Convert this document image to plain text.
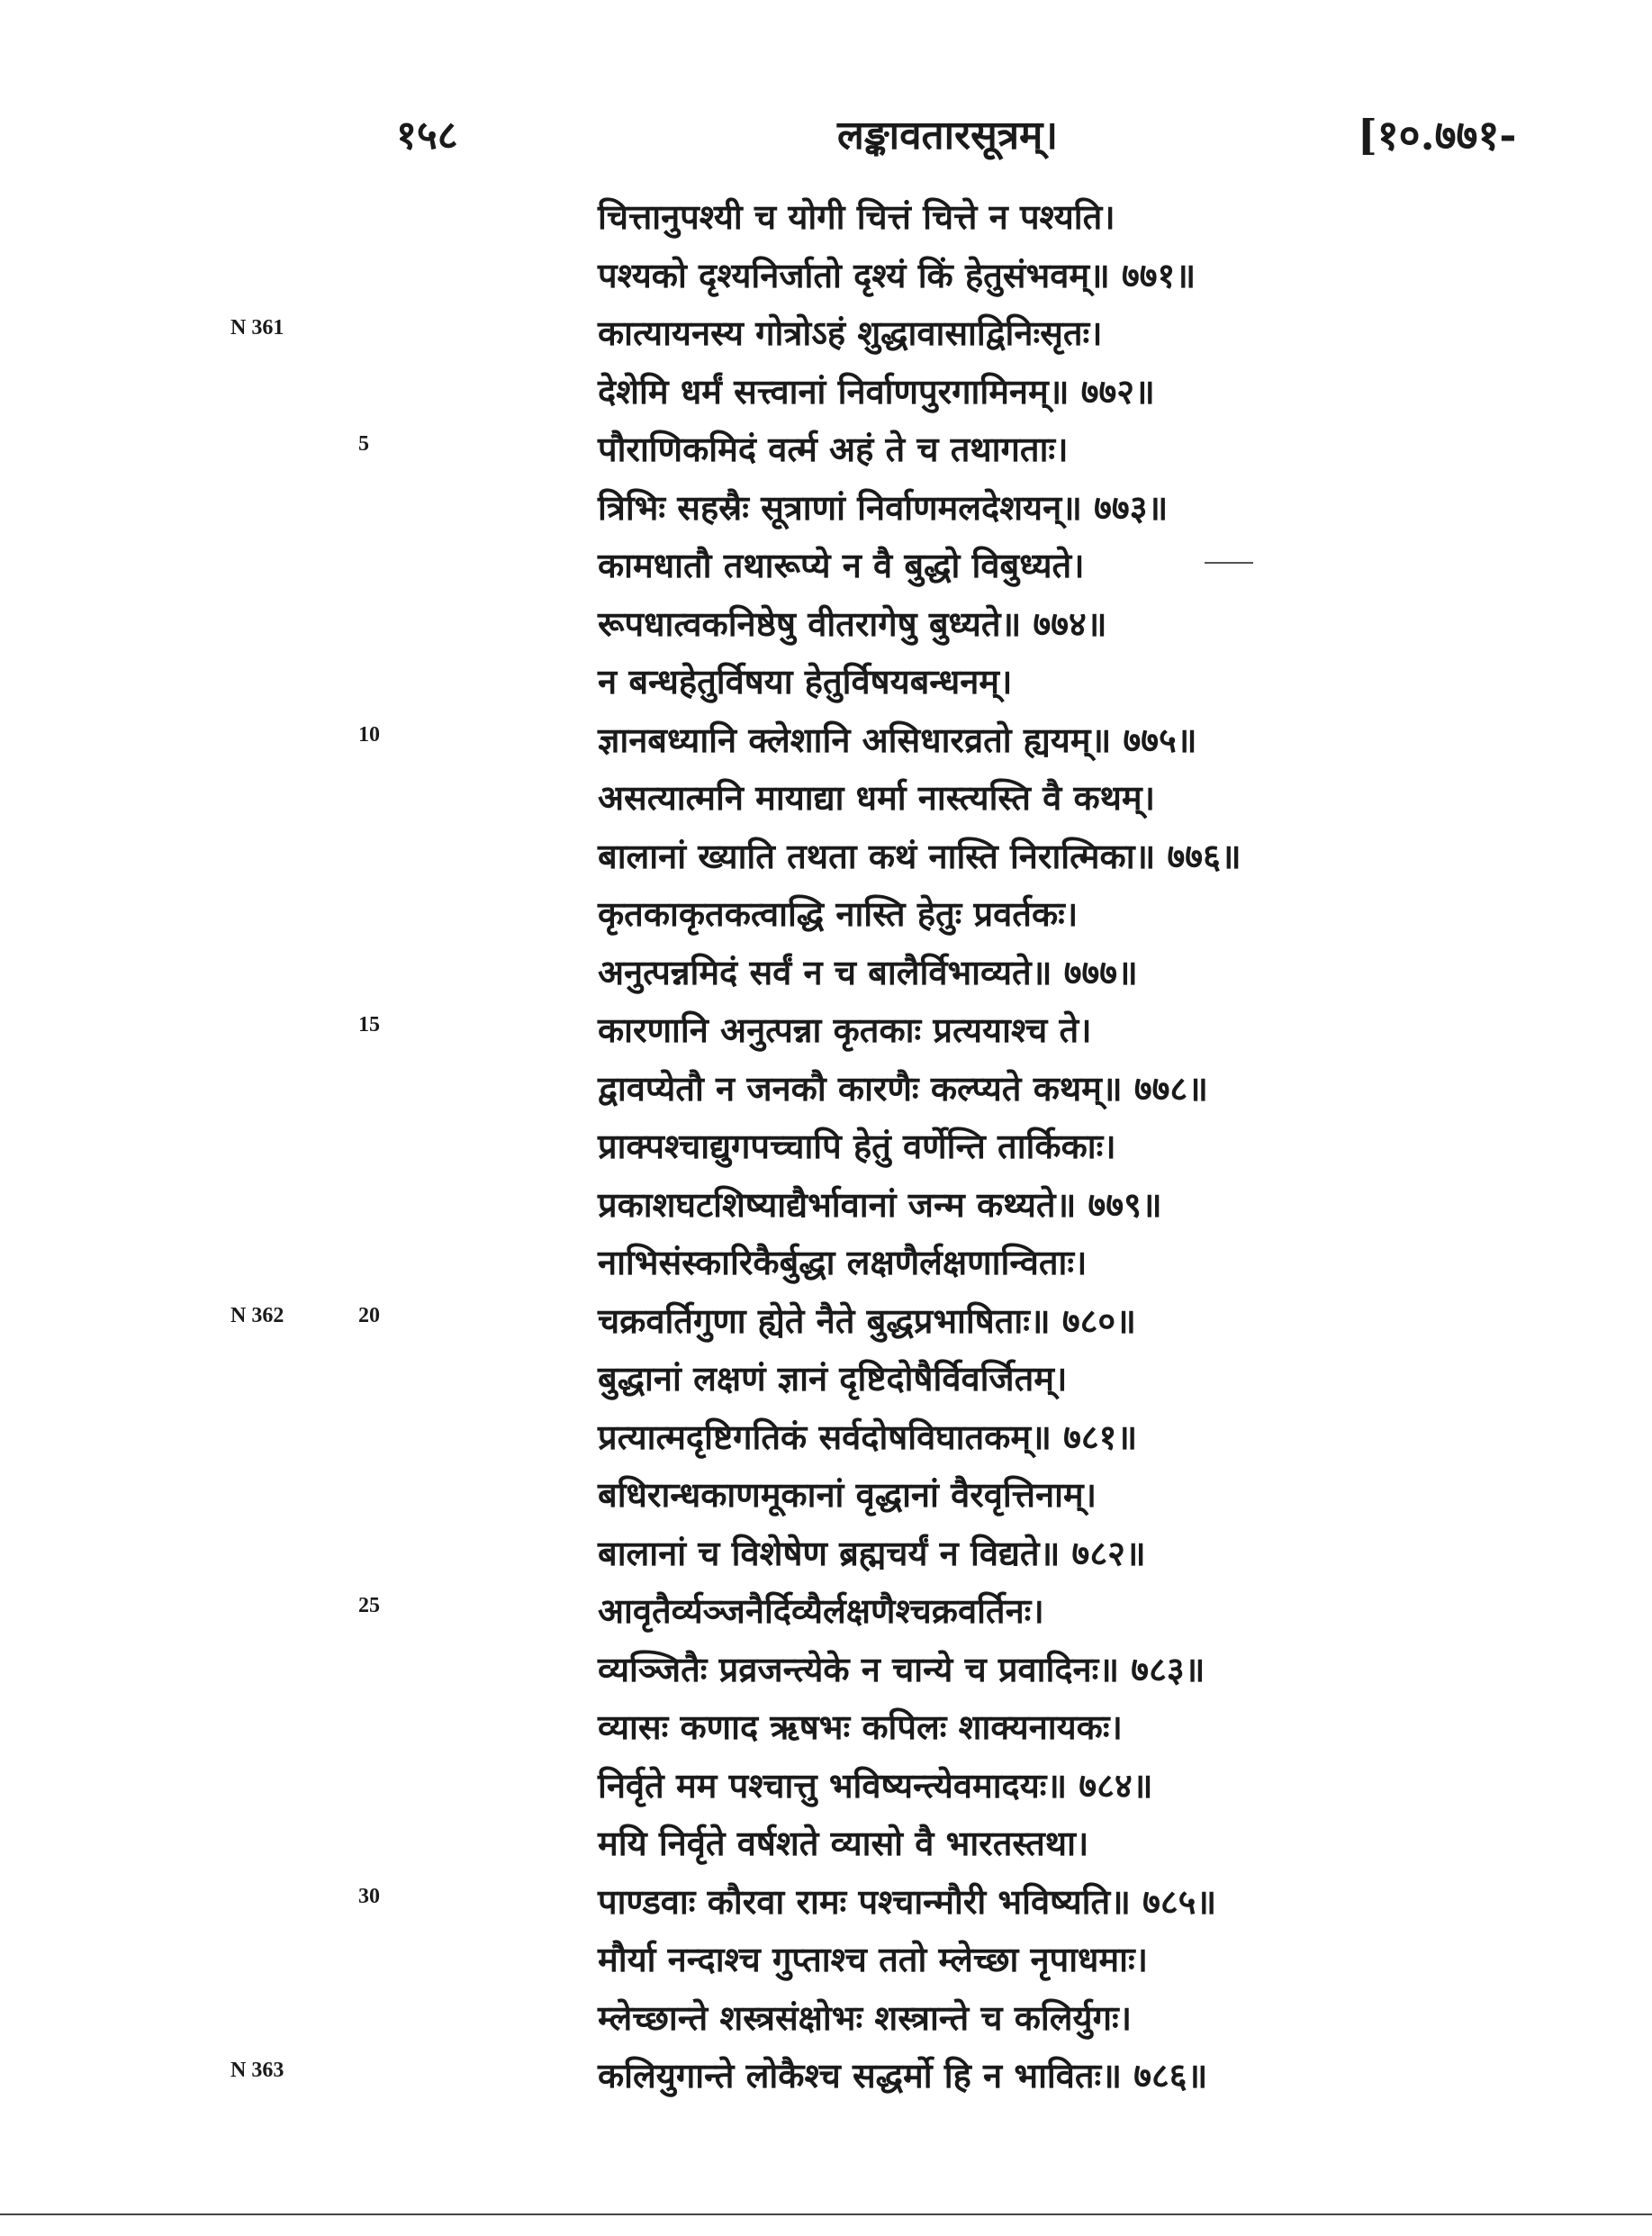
१५८	लङ्कावतारसूत्रम्।	[१०.७७१-
चित्तानुपश्यी च योगी चित्तं चित्ते न पश्यति।
पश्यको दृश्यनिर्जातो दृश्यं किं हेतुसंभवम्॥ ७७१॥
कात्यायनस्य गोत्रोऽहं शुद्धावासाद्विनिःसृतः।
N 361
देशेमि धर्मं सत्त्वानां निर्वाणपुरगामिनम्॥ ७७२॥
पौराणिकमिदं वर्त्म अहं ते च तथागताः।
5
त्रिभिः सहस्रैः सूत्राणां निर्वाणमलदेशयन्॥ ७७३॥
कामधातौ तथारूप्ये न वै बुद्धो विबुध्यते।
रूपधात्वकनिष्ठेषु वीतरागेषु बुध्यते॥ ७७४॥
न बन्धहेतुर्विषया हेतुर्विषयबन्धनम्।
ज्ञानबध्यानि क्लेशानि असिधारव्रतो ह्ययम्॥ ७७५॥
10
असत्यात्मनि मायाद्या धर्मा नास्त्यस्ति वै कथम्।
बालानां ख्याति तथता कथं नास्ति निरात्मिका॥ ७७६॥
कृतकाकृतकत्वाद्धि नास्ति हेतुः प्रवर्तकः।
अनुत्पन्नमिदं सर्वं न च बालैर्विभाव्यते॥ ७७७॥
कारणानि अनुत्पन्ना कृतकाः प्रत्ययाश्च ते।
15
द्वावप्येतौ न जनकौ कारणैः कल्प्यते कथम्॥ ७७८॥
प्राक्पश्चाद्युगपच्चापि हेतुं वर्णेन्ति तार्किकाः।
प्रकाशघटशिष्याद्यैर्भावानां जन्म कथ्यते॥ ७७९॥
नाभिसंस्कारिकैर्बुद्धा लक्षणैर्लक्षणान्विताः।
चक्रवर्तिगुणा ह्येते नैते बुद्धप्रभाषिताः॥ ७८०॥
20
N 362
बुद्धानां लक्षणं ज्ञानं दृष्टिदोषैर्विवर्जितम्।
प्रत्यात्मदृष्टिगतिकं सर्वदोषविघातकम्॥ ७८१॥
बधिरान्धकाणमूकानां वृद्धानां वैरवृत्तिनाम्।
बालानां च विशेषेण ब्रह्मचर्यं न विद्यते॥ ७८२॥
आवृतैर्व्यञ्जनैर्दिव्यैर्लक्षणैश्चक्रवर्तिनः।
25
व्यञ्जितैः प्रव्रजन्त्येके न चान्ये च प्रवादिनः॥ ७८३॥
व्यासः कणाद ऋषभः कपिलः शाक्यनायकः।
निर्वृते मम पश्चात्तु भविष्यन्त्येवमादयः॥ ७८४॥
मयि निर्वृते वर्षशते व्यासो वै भारतस्तथा।
पाण्डवाः कौरवा रामः पश्चान्मौरी भविष्यति॥ ७८५॥
30
मौर्या नन्दाश्च गुप्ताश्च ततो म्लेच्छा नृपाधमाः।
म्लेच्छान्ते शस्त्रसंक्षोभः शस्त्रान्ते च कलिर्युगः।
कलियुगान्ते लोकैश्च सद्धर्मो हि न भावितः॥ ७८६॥
N 363
